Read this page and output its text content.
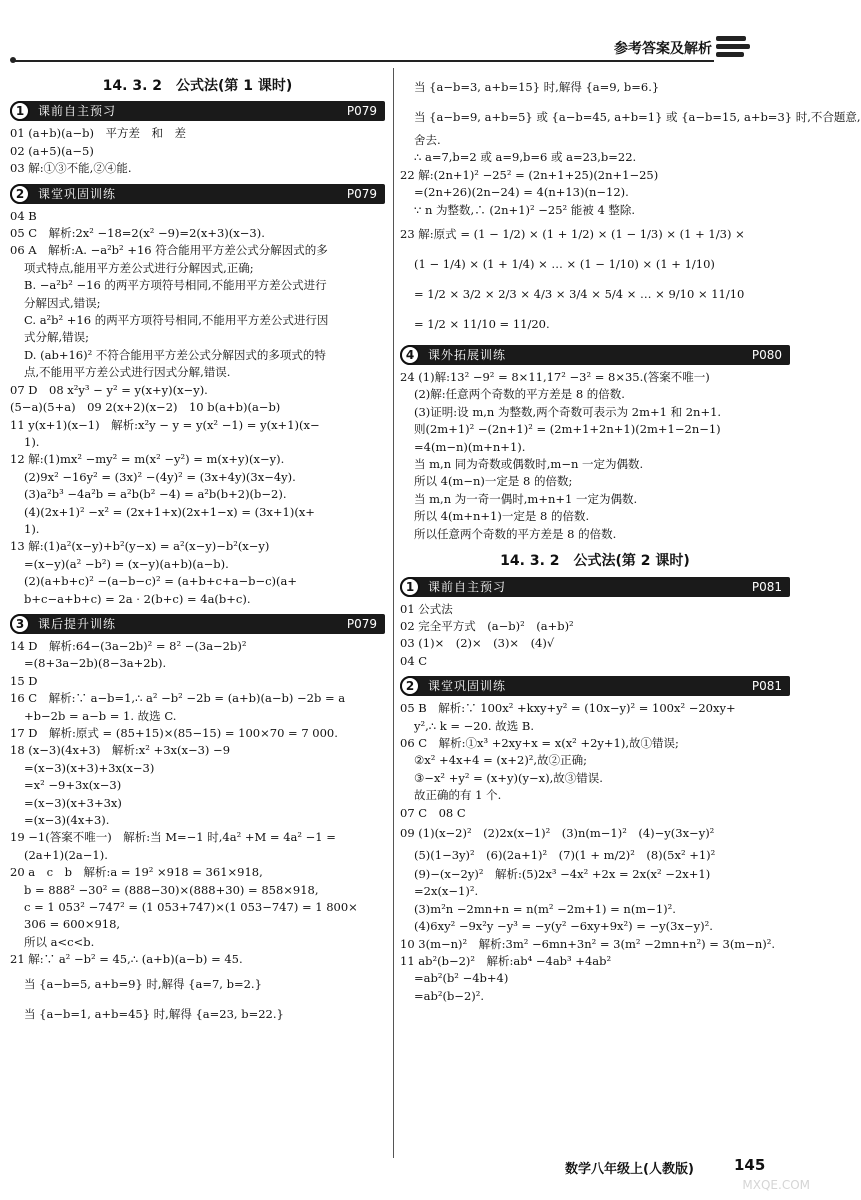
参考答案及解析
14. 3. 2　公式法(第 1 课时)
1	课前自主预习	P079
01 (a+b)(a−b)　平方差　和　差
02 (a+5)(a−5)
03 解:①③不能,②④能.
2	课堂巩固训练	P079
04 B
05 C　解析:2x² −18=2(x² −9)=2(x+3)(x−3).
06 A　解析:A. −a²b² +16 符合能用平方差公式分解因式的多
项式特点,能用平方差公式进行分解因式,正确;
B. −a²b² −16 的两平方项符号相同,不能用平方差公式进行
分解因式,错误;
C. a²b² +16 的两平方项符号相同,不能用平方差公式进行因
式分解,错误;
D. (ab+16)² 不符合能用平方差公式分解因式的多项式的特
点,不能用平方差公式进行因式分解,错误.
07 D　08 x²y³ − y² = y(x+y)(x−y).
(5−a)(5+a)　09 2(x+2)(x−2)　10 b(a+b)(a−b)
11 y(x+1)(x−1)　解析:x²y − y = y(x² −1) = y(x+1)(x−
1).
12 解:(1)mx² −my² = m(x² −y²) = m(x+y)(x−y).
(2)9x² −16y² = (3x)² −(4y)² = (3x+4y)(3x−4y).
(3)a²b³ −4a²b = a²b(b² −4) = a²b(b+2)(b−2).
(4)(2x+1)² −x² = (2x+1+x)(2x+1−x) = (3x+1)(x+
1).
13 解:(1)a²(x−y)+b²(y−x) = a²(x−y)−b²(x−y)
=(x−y)(a² −b²) = (x−y)(a+b)(a−b).
(2)(a+b+c)² −(a−b−c)² = (a+b+c+a−b−c)(a+
b+c−a+b+c) = 2a · 2(b+c) = 4a(b+c).
3	课后提升训练	P079
14 D　解析:64−(3a−2b)² = 8² −(3a−2b)²
=(8+3a−2b)(8−3a+2b).
15 D
16 C　解析:∵ a−b=1,∴ a² −b² −2b = (a+b)(a−b) −2b = a
+b−2b = a−b = 1. 故选 C.
17 D　解析:原式 = (85+15)×(85−15) = 100×70 = 7 000.
18 (x−3)(4x+3)　解析:x² +3x(x−3) −9
=(x−3)(x+3)+3x(x−3)
=x² −9+3x(x−3)
=(x−3)(x+3+3x)
=(x−3)(4x+3).
19 −1(答案不唯一)　解析:当 M=−1 时,4a² +M = 4a² −1 =
(2a+1)(2a−1).
20 a　c　b　解析:a = 19² ×918 = 361×918,
b = 888² −30² = (888−30)×(888+30) = 858×918,
c = 1 053² −747² = (1 053+747)×(1 053−747) = 1 800×
306 = 600×918,
所以 a<c<b.
21 解:∵ a² −b² = 45,∴ (a+b)(a−b) = 45.
当 {a−b=5, a+b=9} 时,解得 {a=7, b=2.}
当 {a−b=1, a+b=45} 时,解得 {a=23, b=22.}
当 {a−b=3, a+b=15} 时,解得 {a=9, b=6.}
当 {a−b=9, a+b=5} 或 {a−b=45, a+b=1} 或 {a−b=15, a+b=3} 时,不合题意,
舍去.
∴ a=7,b=2 或 a=9,b=6 或 a=23,b=22.
22 解:(2n+1)² −25² = (2n+1+25)(2n+1−25)
=(2n+26)(2n−24) = 4(n+13)(n−12).
∵ n 为整数,∴ (2n+1)² −25² 能被 4 整除.
23 解:原式 = (1 − 1/2) × (1 + 1/2) × (1 − 1/3) × (1 + 1/3) ×
(1 − 1/4) × (1 + 1/4) × … × (1 − 1/10) × (1 + 1/10)
= 1/2 × 3/2 × 2/3 × 4/3 × 3/4 × 5/4 × … × 9/10 × 11/10
= 1/2 × 11/10 = 11/20.
4	课外拓展训练	P080
24 (1)解:13² −9² = 8×11,17² −3² = 8×35.(答案不唯一)
(2)解:任意两个奇数的平方差是 8 的倍数.
(3)证明:设 m,n 为整数,两个奇数可表示为 2m+1 和 2n+1.
则(2m+1)² −(2n+1)² = (2m+1+2n+1)(2m+1−2n−1)
=4(m−n)(m+n+1).
当 m,n 同为奇数或偶数时,m−n 一定为偶数.
所以 4(m−n)一定是 8 的倍数;
当 m,n 为一奇一偶时,m+n+1 一定为偶数.
所以 4(m+n+1)一定是 8 的倍数.
所以任意两个奇数的平方差是 8 的倍数.
14. 3. 2　公式法(第 2 课时)
1	课前自主预习	P081
01 公式法
02 完全平方式　(a−b)²　(a+b)²
03 (1)×　(2)×　(3)×　(4)√
04 C
2	课堂巩固训练	P081
05 B　解析:∵ 100x² +kxy+y² = (10x−y)² = 100x² −20xy+
y²,∴ k = −20. 故选 B.
06 C　解析:①x³ +2xy+x = x(x² +2y+1),故①错误;
②x² +4x+4 = (x+2)²,故②正确;
③−x² +y² = (x+y)(y−x),故③错误.
故正确的有 1 个.
07 C　08 C
09 (1)(x−2)²　(2)2x(x−1)²　(3)n(m−1)²　(4)−y(3x−y)²
(5)(1−3y)²　(6)(2a+1)²　(7)(1 + m/2)²　(8)(5x² +1)²
(9)−(x−2y)²　解析:(5)2x³ −4x² +2x = 2x(x² −2x+1)
=2x(x−1)².
(3)m²n −2mn+n = n(m² −2m+1) = n(m−1)².
(4)6xy² −9x²y −y³ = −y(y² −6xy+9x²) = −y(3x−y)².
10 3(m−n)²　解析:3m² −6mn+3n² = 3(m² −2mn+n²) = 3(m−n)².
11 ab²(b−2)²　解析:ab⁴ −4ab³ +4ab²
=ab²(b² −4b+4)
=ab²(b−2)².
数学八年级上(人教版)	145
MXQE.COM
